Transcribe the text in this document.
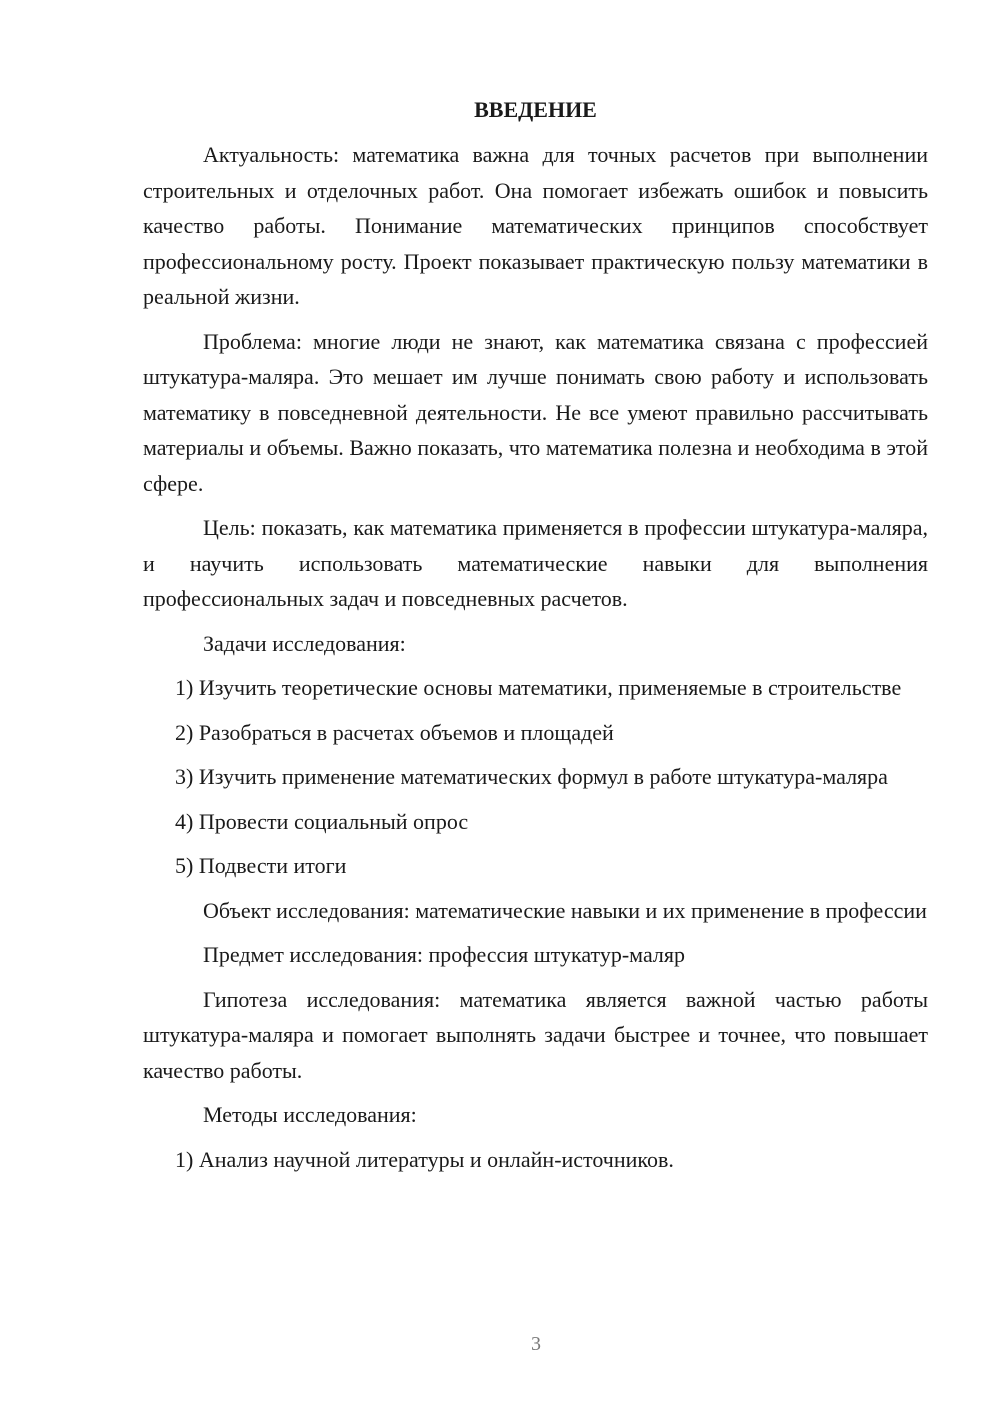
ВВЕДЕНИЕ

Актуальность: математика важна для точных расчетов при выполнении строительных и отделочных работ. Она помогает избежать ошибок и повысить качество работы. Понимание математических принципов способствует профессиональному росту. Проект показывает практическую пользу математики в реальной жизни.

Проблема: многие люди не знают, как математика связана с профессией штукатура-маляра. Это мешает им лучше понимать свою работу и использовать математику в повседневной деятельности. Не все умеют правильно рассчитывать материалы и объемы. Важно показать, что математика полезна и необходима в этой сфере.

Цель: показать, как математика применяется в профессии штукатура-маляра, и научить использовать математические навыки для выполнения профессиональных задач и повседневных расчетов.

Задачи исследования:

1) Изучить теоретические основы математики, применяемые в строительстве

2) Разобраться в расчетах объемов и площадей

3) Изучить применение математических формул в работе штукатура-маляра

4) Провести социальный опрос

5) Подвести итоги

Объект исследования: математические навыки и их применение в профессии

Предмет исследования: профессия штукатур-маляр

Гипотеза исследования: математика является важной частью работы штукатура-маляра и помогает выполнять задачи быстрее и точнее, что повышает качество работы.

Методы исследования:

1) Анализ научной литературы и онлайн-источников.

3
